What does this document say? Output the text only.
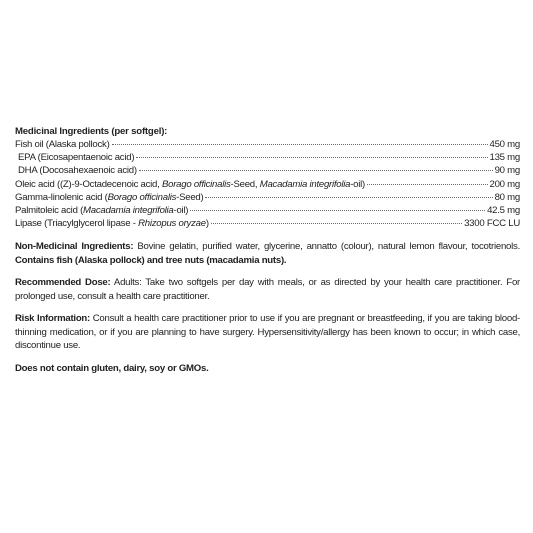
Medicinal Ingredients (per softgel):
Fish oil (Alaska pollock)	450 mg
EPA (Eicosapentaenoic acid)	135 mg
DHA (Docosahexaenoic acid)	90 mg
Oleic acid ((Z)-9-Octadecenoic acid, Borago officinalis-Seed, Macadamia integrifolia-oil)	200 mg
Gamma-linolenic acid (Borago officinalis-Seed)	80 mg
Palmitoleic acid (Macadamia integrifolia-oil)	42.5 mg
Lipase (Triacylglycerol lipase - Rhizopus oryzae)	3300 FCC LU
Non-Medicinal Ingredients: Bovine gelatin, purified water, glycerine, annatto (colour), natural lemon flavour, tocotrienols. Contains fish (Alaska pollock) and tree nuts (macadamia nuts).
Recommended Dose: Adults: Take two softgels per day with meals, or as directed by your health care practitioner. For prolonged use, consult a health care practitioner.
Risk Information: Consult a health care practitioner prior to use if you are pregnant or breastfeeding, if you are taking blood-thinning medication, or if you are planning to have surgery. Hypersensitivity/allergy has been known to occur; in which case, discontinue use.
Does not contain gluten, dairy, soy or GMOs.
